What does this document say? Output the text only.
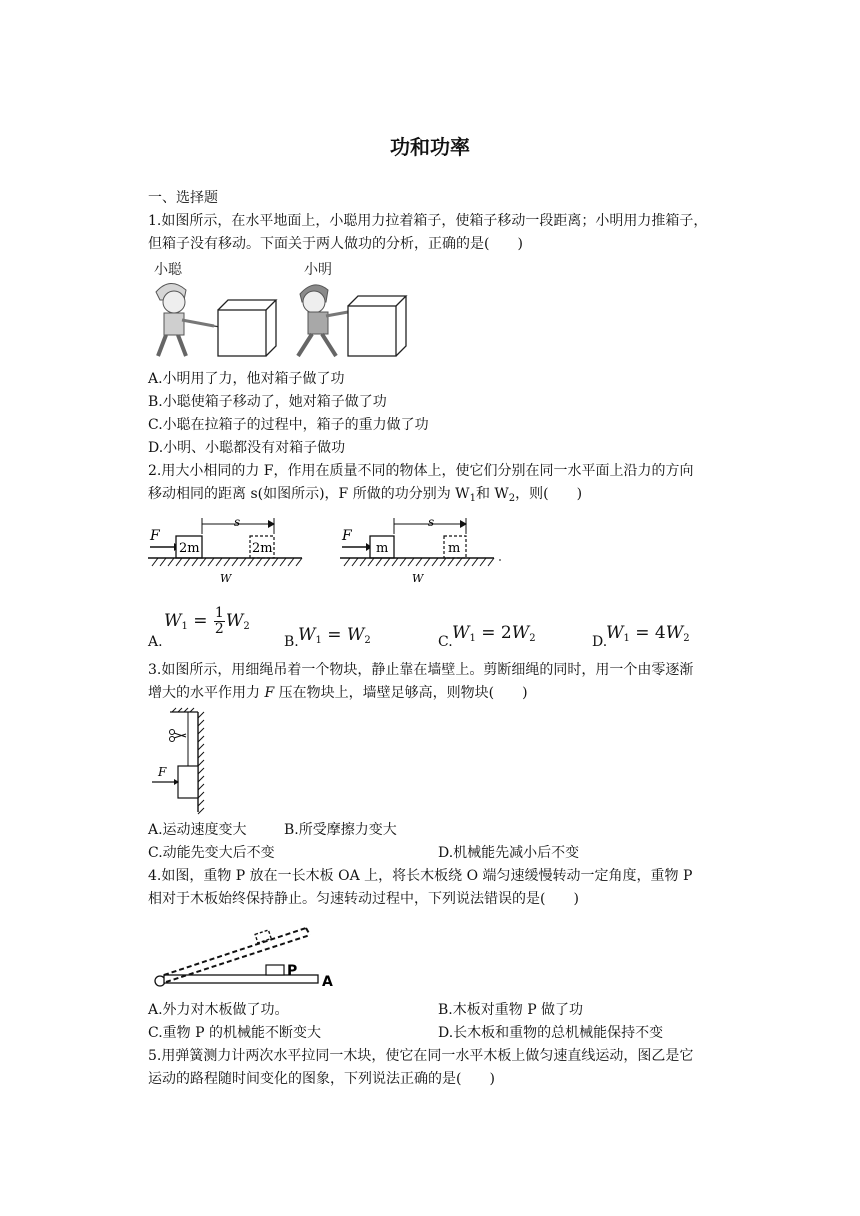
功和功率
一、选择题
1.如图所示，在水平地面上，小聪用力拉着箱子，使箱子移动一段距离；小明用力推箱子，
但箱子没有移动。下面关于两人做功的分析，正确的是(　　)
小聪	小明
A.小明用了力，他对箱子做了功
B.小聪使箱子移动了，她对箱子做了功
C.小聪在拉箱子的过程中，箱子的重力做了功
D.小明、小聪都没有对箱子做功
2.用大小相同的力 F，作用在质量不同的物体上，使它们分别在同一水平面上沿力的方向
移动相同的距离 s(如图所示)，F 所做的功分别为 $W_1$和 $W_2$，则(　　)
F
2m
s
2m
W
F
m
s
m
W
A.
$W_1 = \frac{1}{2} W_2$
B. $W_1 = W_2$	C. $W_1 = 2W_2$	D.
$W_1 = 4W_2$
3.如图所示，用细绳吊着一个物块，静止靠在墙壁上。剪断细绳的同时，用一个由零逐渐
增大的水平作用力 F 压在物块上，墙壁足够高，则物块(　　)
F
A.运动速度变大	B.所受摩擦力变大
C.动能先变大后不变	D.机械能先减小后不变
4.如图，重物 P 放在一长木板 OA 上，将长木板绕 O 端匀速缓慢转动一定角度，重物 P
相对于木板始终保持静止。匀速转动过程中，下列说法错误的是(　　)
P
A
A.外力对木板做了功。	B.木板对重物 P 做了功
C.重物 P 的机械能不断变大	D.长木板和重物的总机械能保持不变
5.用弹簧测力计两次水平拉同一木块，使它在同一水平木板上做匀速直线运动，图乙是它
运动的路程随时间变化的图象，下列说法正确的是(　　)
